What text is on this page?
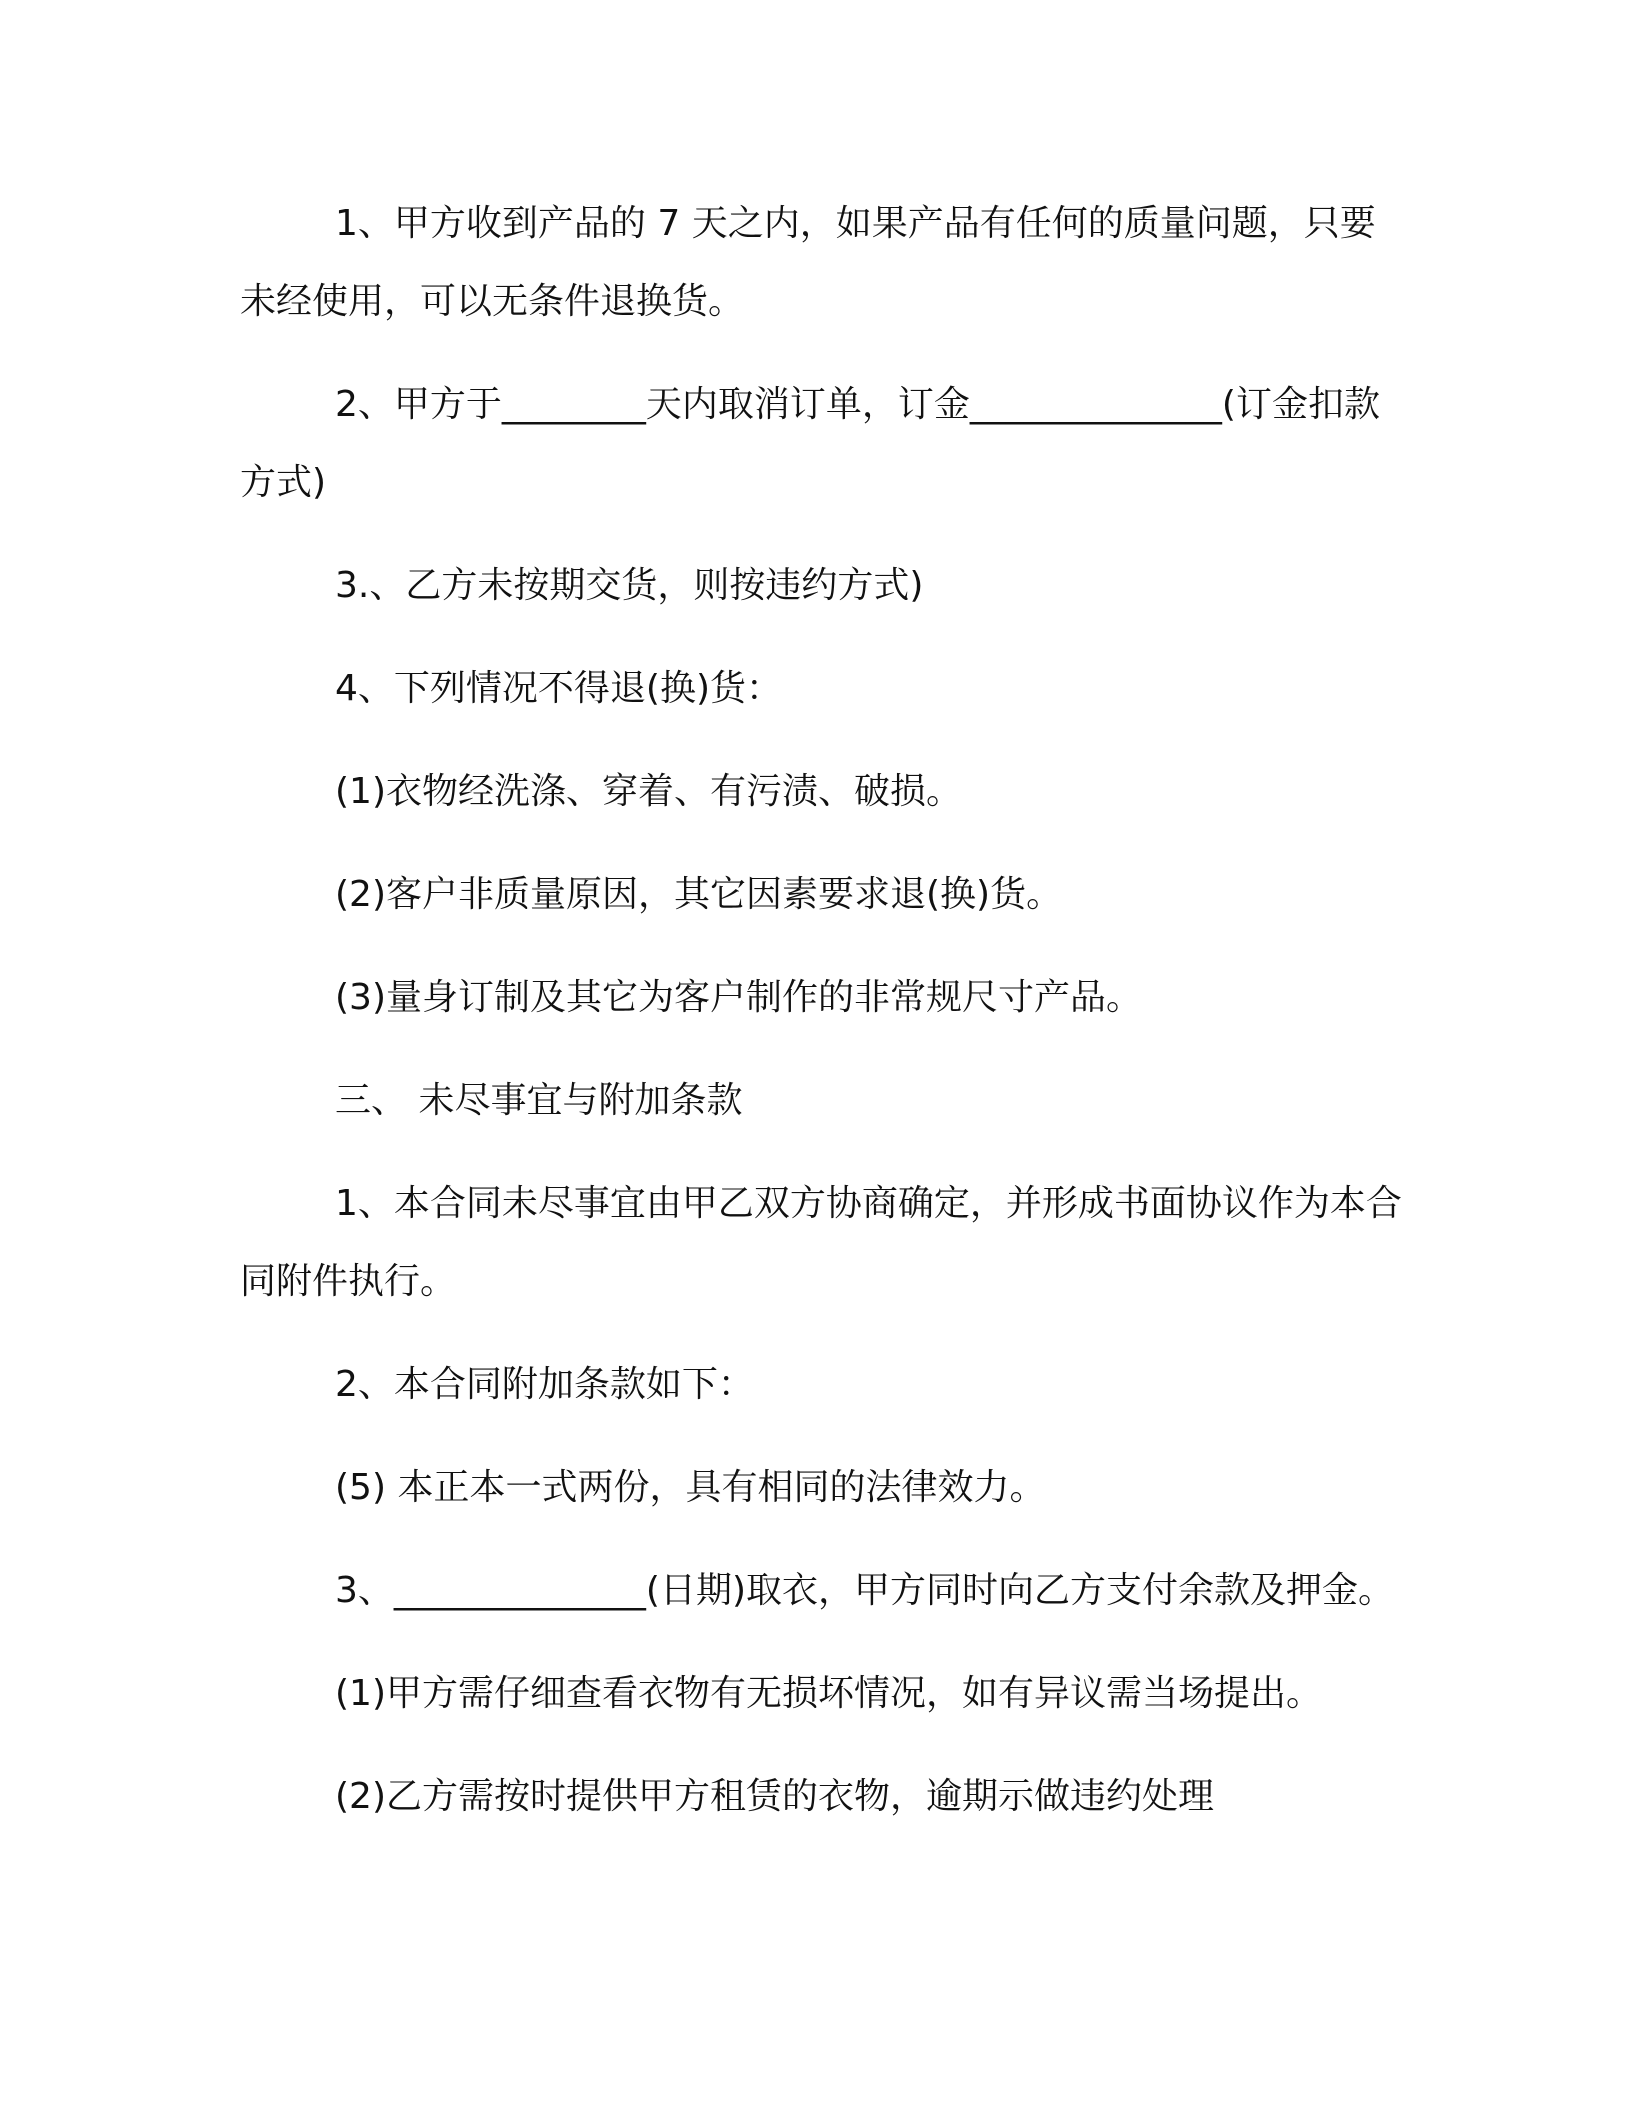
1、甲方收到产品的 7 天之内，如果产品有任何的质量问题，只要未经使用，可以无条件退换货。

2、甲方于________天内取消订单，订金______________(订金扣款方式)

3.、乙方未按期交货，则按违约方式)

4、下列情况不得退(换)货：

(1)衣物经洗涤、穿着、有污渍、破损。

(2)客户非质量原因，其它因素要求退(换)货。

(3)量身订制及其它为客户制作的非常规尺寸产品。

三、 未尽事宜与附加条款

1、本合同未尽事宜由甲乙双方协商确定，并形成书面协议作为本合同附件执行。

2、本合同附加条款如下：

(5) 本正本一式两份，具有相同的法律效力。

3、______________(日期)取衣，甲方同时向乙方支付余款及押金。

(1)甲方需仔细查看衣物有无损坏情况，如有异议需当场提出。

(2)乙方需按时提供甲方租赁的衣物，逾期示做违约处理
